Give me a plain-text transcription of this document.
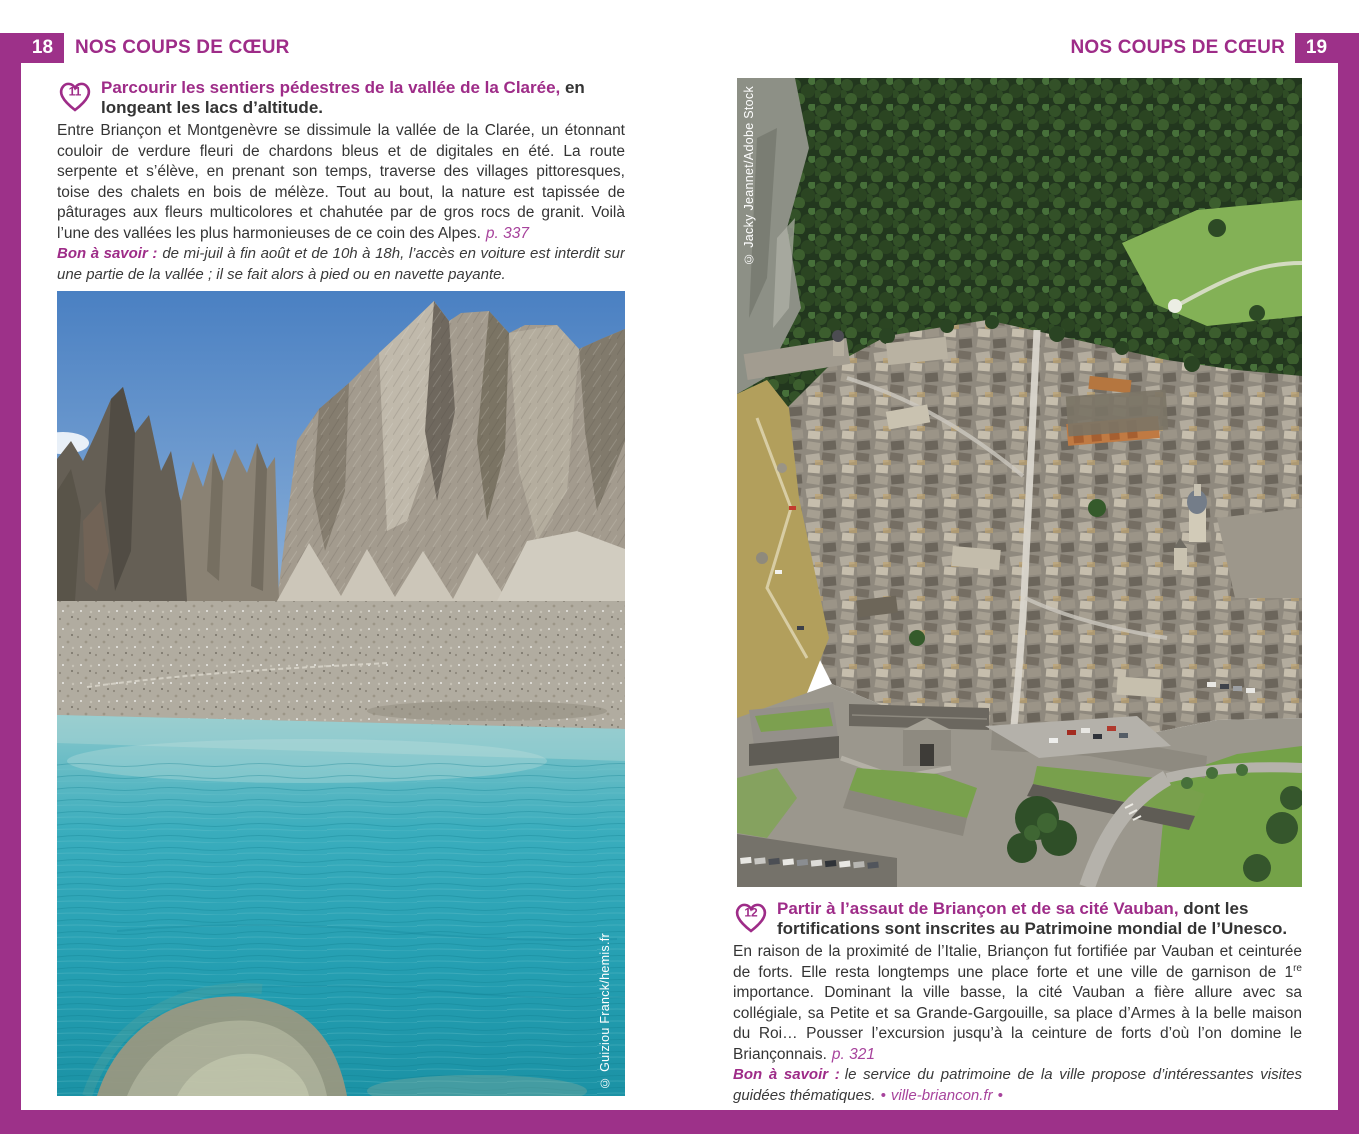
18 NOS COUPS DE CŒUR	NOS COUPS DE CŒUR 19
11 Parcourir les sentiers pédestres de la vallée de la Clarée, en longeant les lacs d’altitude.

Entre Briançon et Montgenèvre se dissimule la vallée de la Clarée, un étonnant couloir de verdure fleuri de chardons bleus et de digitales en été. La route serpente et s’élève, en prenant son temps, traverse des villages pittoresques, toise des chalets en bois de mélèze. Tout au bout, la nature est tapissée de pâturages aux fleurs multicolores et chahutée par de gros rocs de granit. Voilà l’une des vallées les plus harmonieuses de ce coin des Alpes. p. 337

Bon à savoir : de mi-juil à fin août et de 10h à 18h, l’accès en voiture est interdit sur une partie de la vallée ; il se fait alors à pied ou en navette payante.

© Guiziou Franck/hemis.fr
© Jacky Jeannet/Adobe Stock
12 Partir à l’assaut de Briançon et de sa cité Vauban, dont les fortifications sont inscrites au Patrimoine mondial de l’Unesco.

En raison de la proximité de l’Italie, Briançon fut fortifiée par Vauban et ceinturée de forts. Elle resta longtemps une place forte et une ville de garnison de 1re importance. Dominant la ville basse, la cité Vauban a fière allure avec sa collégiale, sa Petite et sa Grande-Gargouille, sa place d’Armes à la belle maison du Roi… Pousser l’excursion jusqu’à la ceinture de forts d’où l’on domine le Briançonnais. p. 321

Bon à savoir : le service du patrimoine de la ville propose d’intéressantes visites guidées thématiques. • ville-briancon.fr •
